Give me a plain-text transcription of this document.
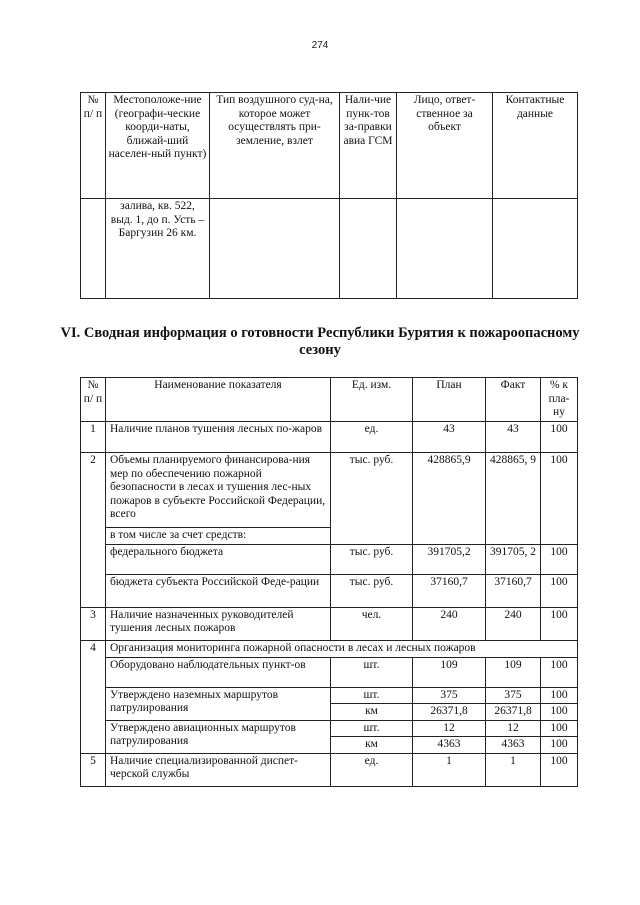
274
№ п/ п	Местоположе-ние (географи-ческие коорди-наты, ближай-ший населен-ный пункт)	Тип воздушного суд-на, которое может осуществлять при-земление, взлет	Нали-чие пунк-тов за-правки авиа ГСМ	Лицо, ответ-ственное за объект	Контактные данные
	залива, кв. 522, выд. 1, до п. Усть – Баргузин 26 км.				
VI. Сводная информация о готовности Республики Бурятия к пожароопасному сезону
№ п/ п	Наименование показателя	Ед. изм.	План	Факт	% к пла-ну
1	Наличие планов тушения лесных по-жаров	ед.	43	43	100
2	Объемы планируемого финансирова-ния мер по обеспечению пожарной безопасности в лесах и тушения лес-ных пожаров в субъекте Российской Федерации, всего	тыс. руб.	428865,9	428865, 9	100
	в том числе за счет средств:				
	федерального бюджета	тыс. руб.	391705,2	391705, 2	100
	бюджета субъекта Российской Феде-рации	тыс. руб.	37160,7	37160,7	100
3	Наличие назначенных руководителей тушения лесных пожаров	чел.	240	240	100
4	Организация мониторинга пожарной опасности в лесах и лесных пожаров				
	Оборудовано наблюдательных пункт-ов	шт.	109	109	100
	Утверждено наземных маршрутов патрулирования	шт.	375	375	100
		км	26371,8	26371,8	100
	Утверждено авиационных маршрутов патрулирования	шт.	12	12	100
		км	4363	4363	100
5	Наличие специализированной диспет-черской службы	ед.	1	1	100
